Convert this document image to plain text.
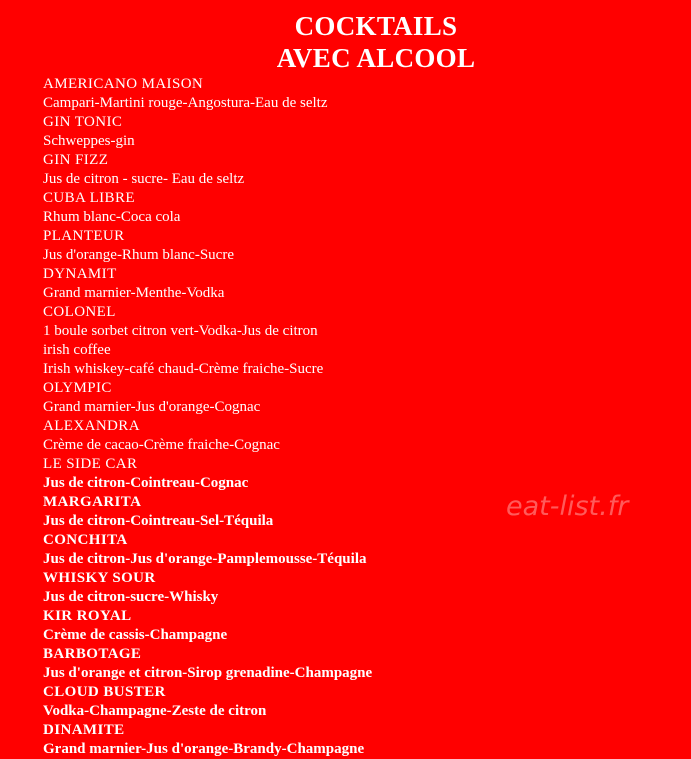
COCKTAILS
AVEC ALCOOL
AMERICANO MAISON
Campari-Martini rouge-Angostura-Eau de seltz
GIN TONIC
Schweppes-gin
GIN FIZZ
Jus de citron - sucre- Eau de seltz
CUBA LIBRE
Rhum blanc-Coca cola
PLANTEUR
Jus d'orange-Rhum blanc-Sucre
DYNAMIT
Grand marnier-Menthe-Vodka
COLONEL
1 boule sorbet citron vert-Vodka-Jus de citron
irish coffee
Irish whiskey-café chaud-Crème fraiche-Sucre
OLYMPIC
Grand marnier-Jus d'orange-Cognac
ALEXANDRA
Crème de cacao-Crème fraiche-Cognac
LE SIDE CAR
Jus de citron-Cointreau-Cognac
MARGARITA
Jus de citron-Cointreau-Sel-Téquila
CONCHITA
Jus de citron-Jus d'orange-Pamplemousse-Téquila
WHISKY SOUR
Jus de citron-sucre-Whisky
KIR ROYAL
Crème de cassis-Champagne
BARBOTAGE
Jus d'orange et citron-Sirop grenadine-Champagne
CLOUD BUSTER
Vodka-Champagne-Zeste de citron
DINAMITE
Grand marnier-Jus d'orange-Brandy-Champagne
eat-list.fr
